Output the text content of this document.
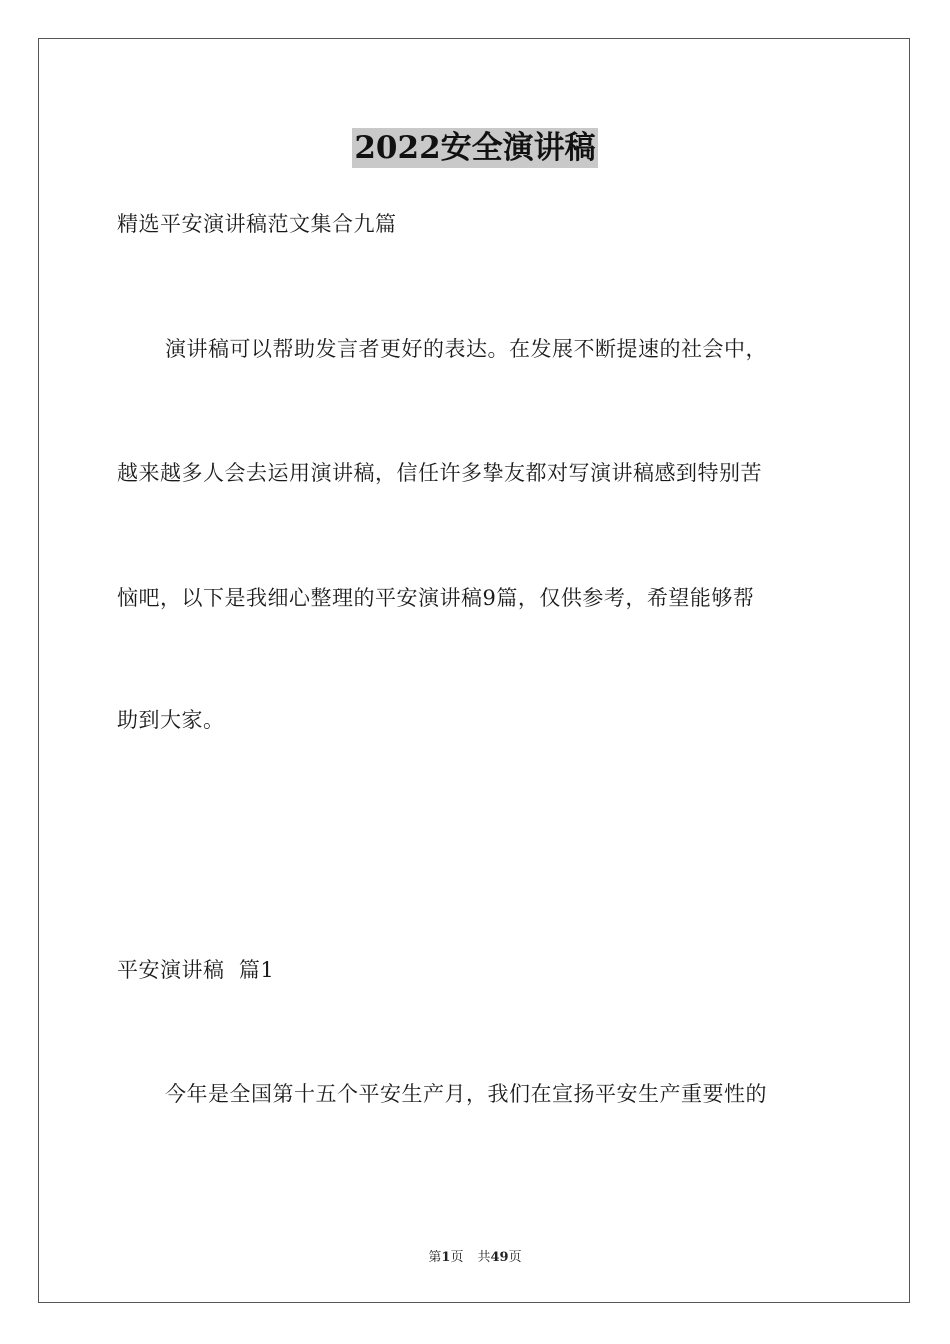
2022安全演讲稿
精选平安演讲稿范文集合九篇
演讲稿可以帮助发言者更好的表达。在发展不断提速的社会中，
越来越多人会去运用演讲稿，信任许多挚友都对写演讲稿感到特别苦
恼吧，以下是我细心整理的平安演讲稿9篇，仅供参考，希望能够帮
助到大家。
平安演讲稿  篇1
今年是全国第十五个平安生产月，我们在宣扬平安生产重要性的
第1页 共49页
